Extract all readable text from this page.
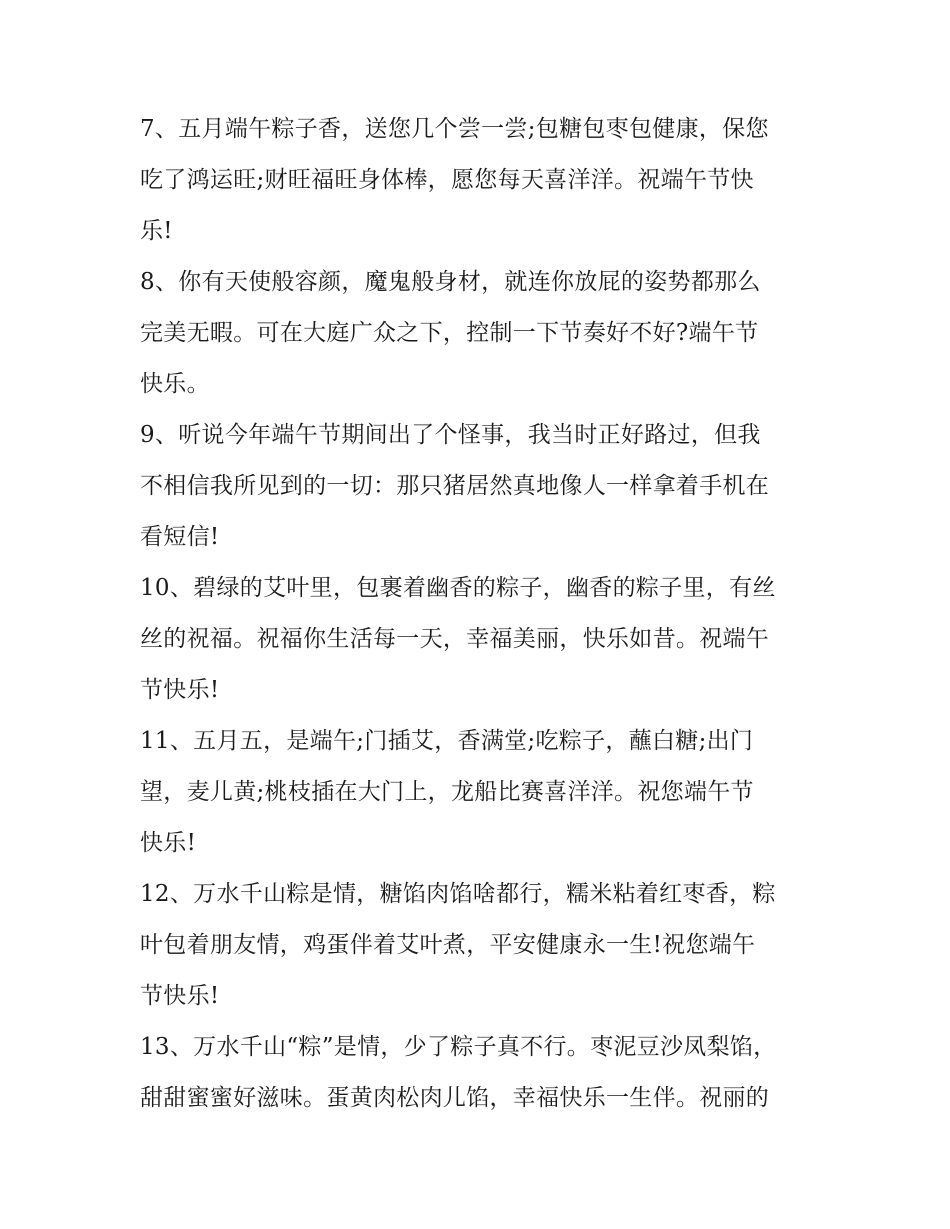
7、五月端午粽子香，送您几个尝一尝;包糖包枣包健康，保您
吃了鸿运旺;财旺福旺身体棒，愿您每天喜洋洋。祝端午节快
乐!
8、你有天使般容颜，魔鬼般身材，就连你放屁的姿势都那么
完美无暇。可在大庭广众之下，控制一下节奏好不好?端午节
快乐。
9、听说今年端午节期间出了个怪事，我当时正好路过，但我
不相信我所见到的一切：那只猪居然真地像人一样拿着手机在
看短信!
10、碧绿的艾叶里，包裹着幽香的粽子，幽香的粽子里，有丝
丝的祝福。祝福你生活每一天，幸福美丽，快乐如昔。祝端午
节快乐!
11、五月五，是端午;门插艾，香满堂;吃粽子，蘸白糖;出门
望，麦儿黄;桃枝插在大门上，龙船比赛喜洋洋。祝您端午节
快乐!
12、万水千山粽是情，糖馅肉馅啥都行，糯米粘着红枣香，粽
叶包着朋友情，鸡蛋伴着艾叶煮，平安健康永一生!祝您端午
节快乐!
13、万水千山“粽”是情，少了粽子真不行。枣泥豆沙凤梨馅，
甜甜蜜蜜好滋味。蛋黄肉松肉儿馅，幸福快乐一生伴。祝丽的
